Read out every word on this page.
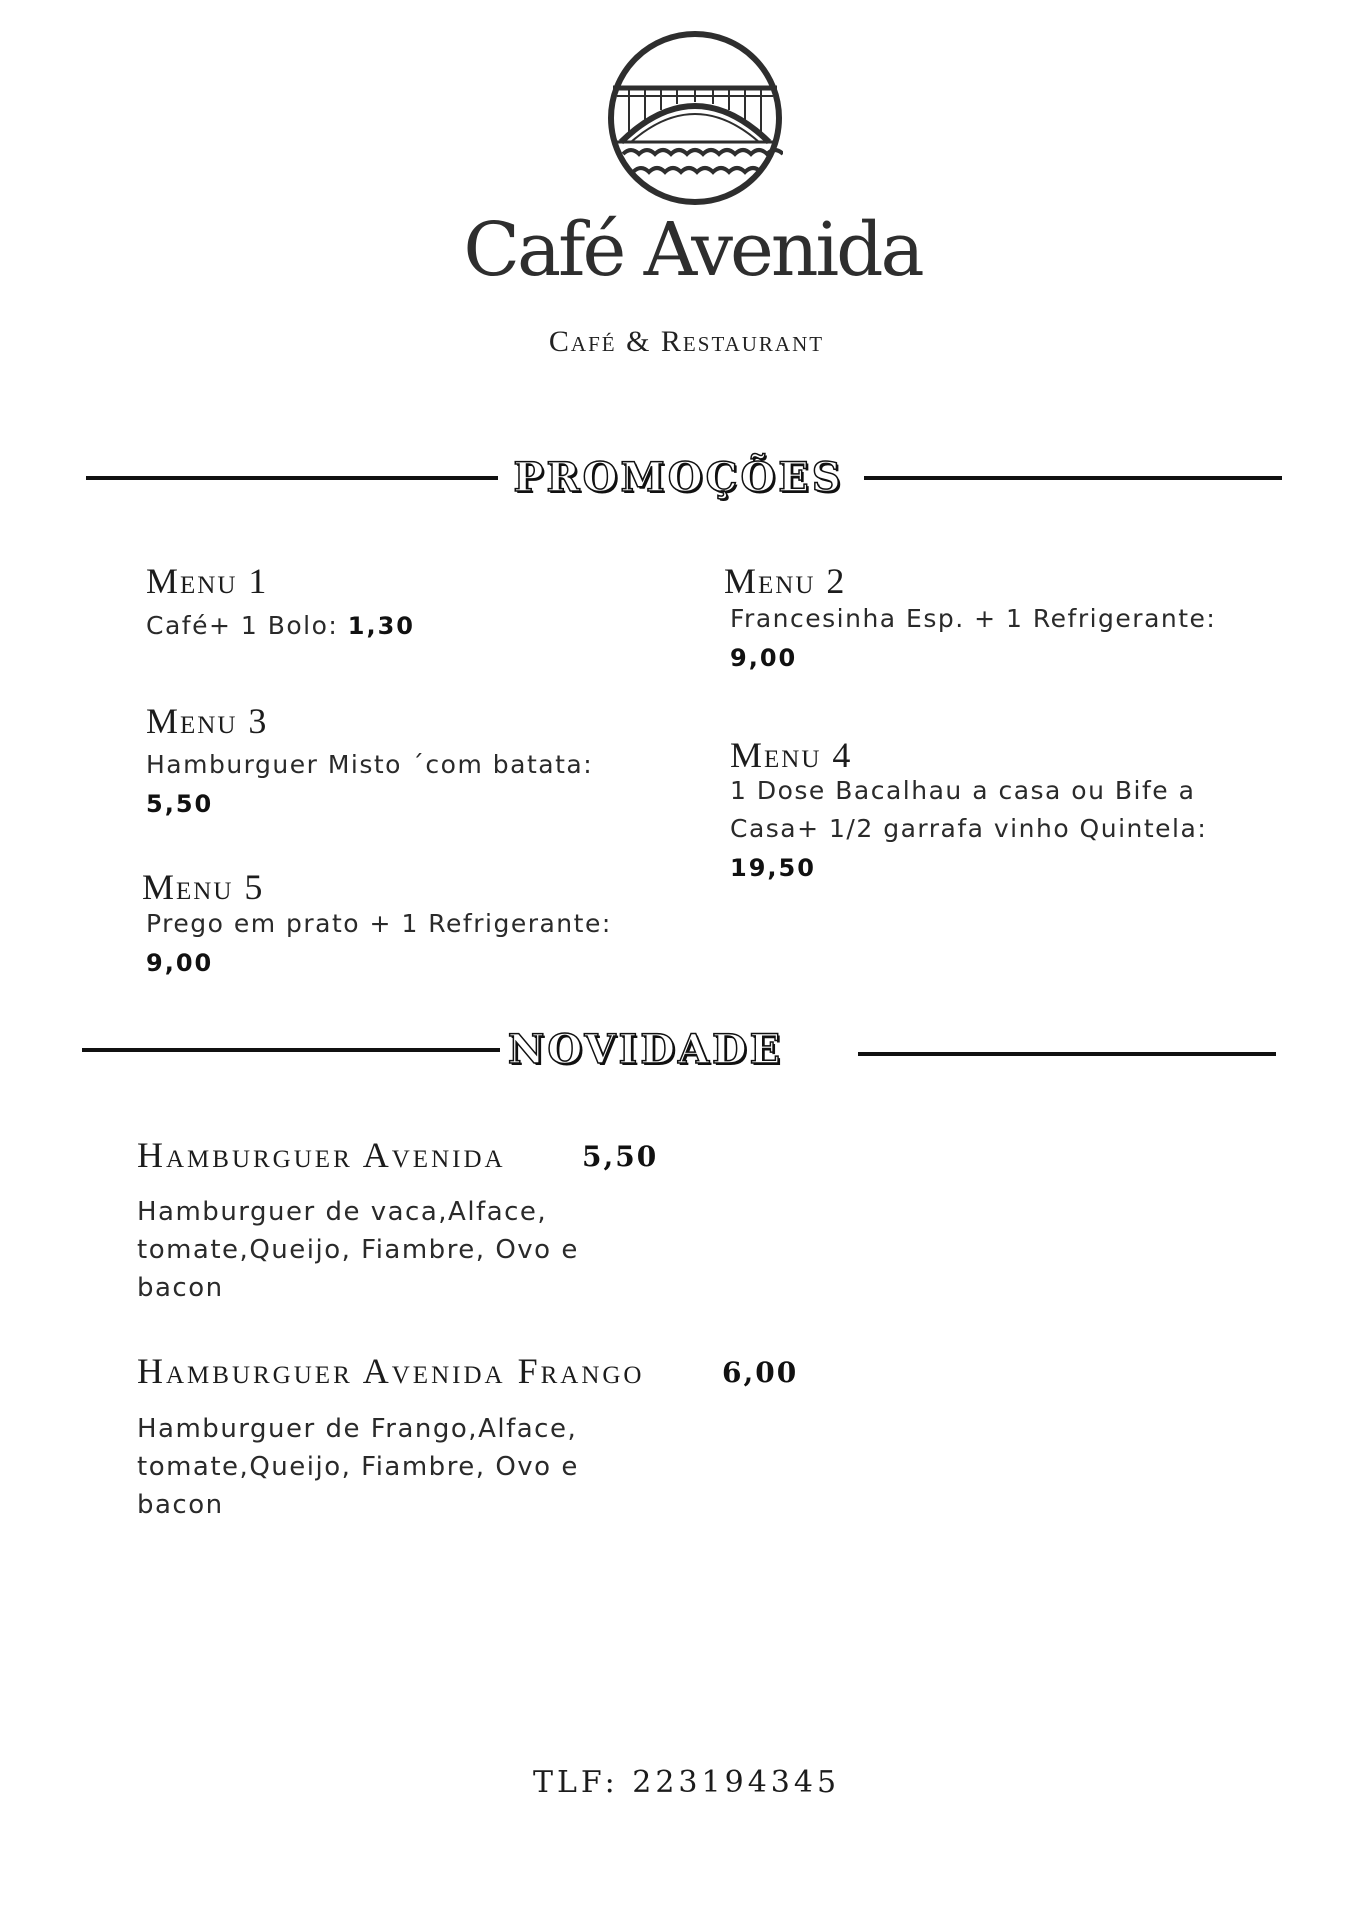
Café Avenida
Café & Restaurant
PROMOÇÕES
Menu 1
Café+ 1 Bolo: 1,30
Menu 2
Francesinha Esp. + 1 Refrigerante:
9,00
Menu 3
Hamburguer Misto ´com batata:
5,50
Menu 4
1 Dose Bacalhau a casa ou Bife a Casa+ 1/2 garrafa vinho Quintela:
19,50
Menu 5
Prego em prato + 1 Refrigerante:
9,00
NOVIDADE
Hamburguer Avenida	5,50
Hamburguer de vaca,Alface, tomate,Queijo, Fiambre, Ovo e bacon
Hamburguer Avenida Frango	6,00
Hamburguer de Frango,Alface, tomate,Queijo, Fiambre, Ovo e bacon
TLF: 223194345
